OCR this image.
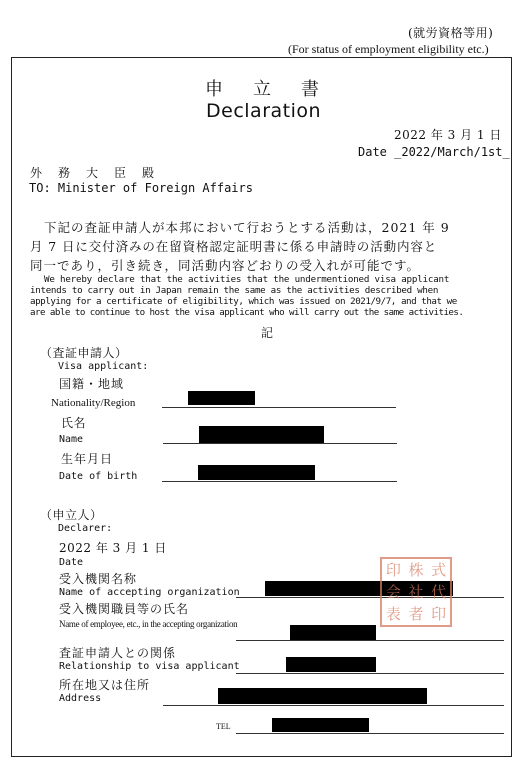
(就労資格等用)
(For status of employment eligibility etc.)
申　立　書
Declaration
2022 年 3 月 1 日
Date _2022/March/1st_
外　務　大　臣　殿
TO: Minister of Foreign Affairs
下記の査証申請人が本邦において行おうとする活動は，2021 年 9
月 7 日に交付済みの在留資格認定証明書に係る申請時の活動内容と
同一であり，引き続き，同活動内容どおりの受入れが可能です。
We hereby declare that the activities that the undermentioned visa applicant
intends to carry out in Japan remain the same as the activities described when
applying for a certificate of eligibility, which was issued on 2021/9/7, and that we
are able to continue to host the visa applicant who will carry out the same activities.
記
（査証申請人）
Visa applicant:
国籍・地域
Nationality/Region
氏名
Name
生年月日
Date of birth
（申立人）
Declarer:
2022 年 3 月 1 日
Date
受入機関名称
Name of accepting organization
受入機関職員等の氏名
Name of employee, etc., in the accepting organization
査証申請人との関係
Relationship to visa applicant
所在地又は住所
Address
TEL
印 株 式
会 社 代
表 者 印
